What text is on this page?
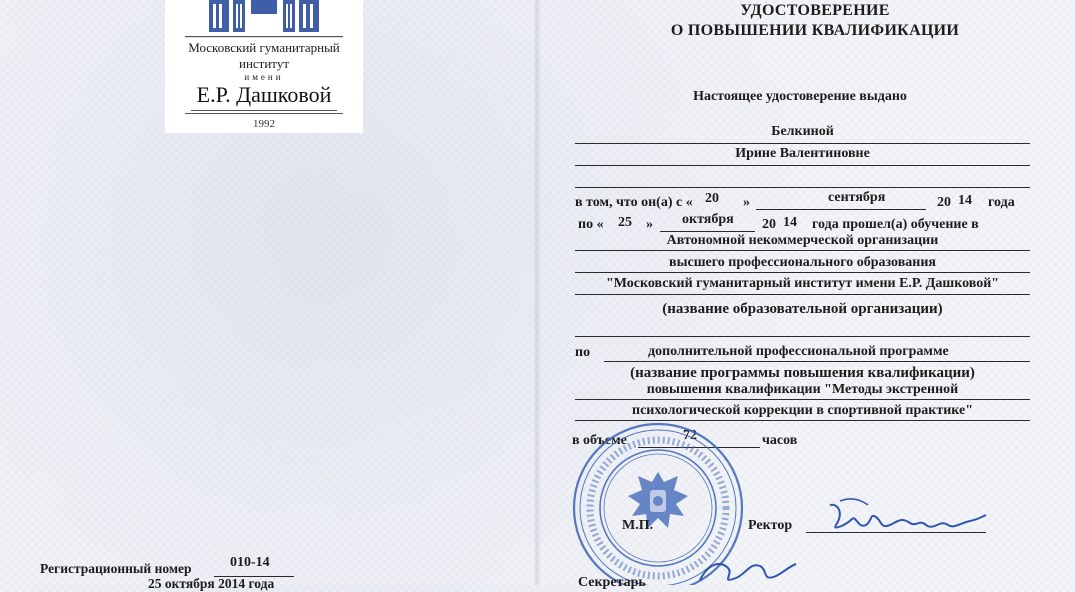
Московский гуманитарный
институт
имени
Е.Р. Дашковой
1992
Регистрационный номер	010-14
25 октября 2014 года
УДОСТОВЕРЕНИЕ
О ПОВЫШЕНИИ КВАЛИФИКАЦИИ
Настоящее удостоверение выдано
Белкиной
Ирине Валентиновне
в том, что он(а) с « 20 »	сентября	20 14 года
по « 25 » октября 20 14 года прошел(а) обучение в
Автономной некоммерческой организации
высшего профессионального образования
"Московский гуманитарный институт имени Е.Р. Дашковой"
(название образовательной организации)
по	дополнительной профессиональной программе
(название программы повышения квалификации)
повышения квалификации "Методы экстренной
психологической коррекции в спортивной практике"
в объеме	72	часов
М.П.	Ректор
Секретарь
